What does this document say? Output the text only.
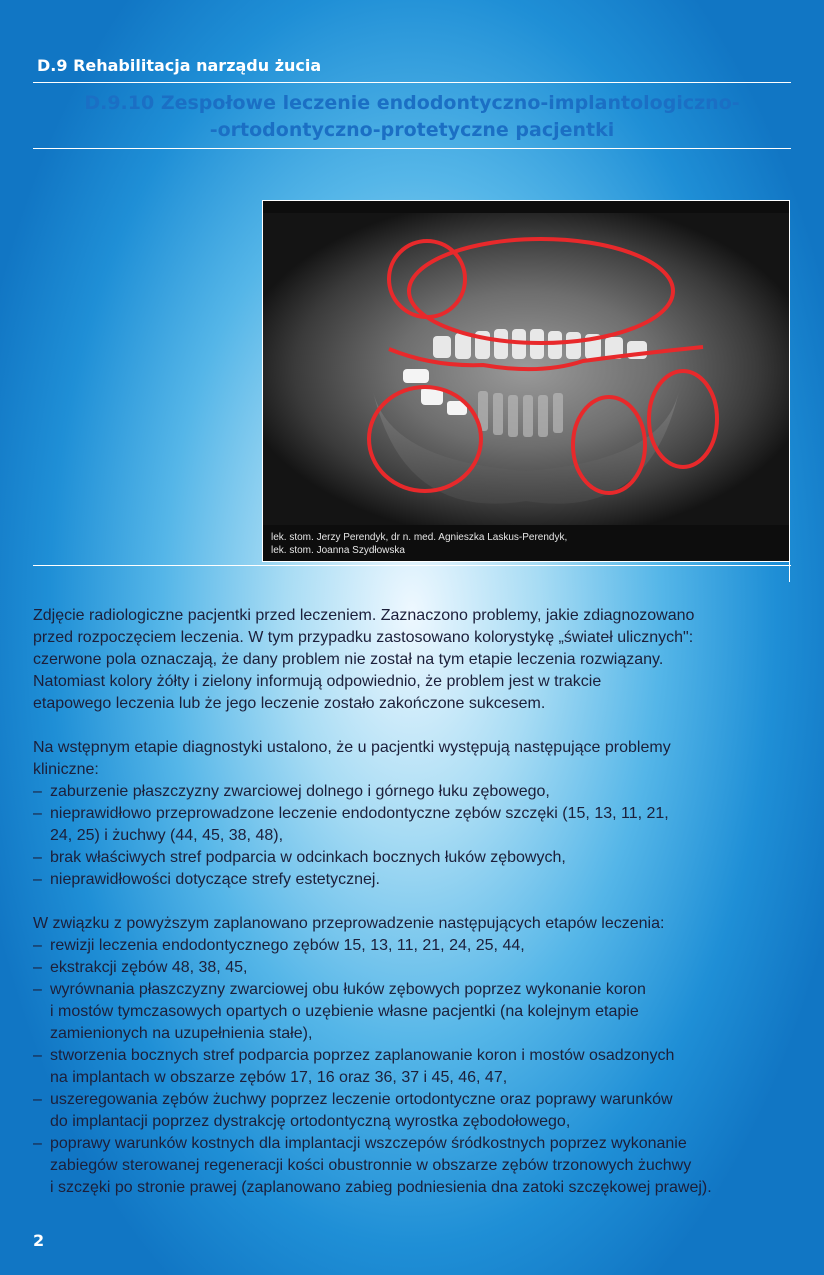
D.9 Rehabilitacja narządu żucia
D.9.10 Zespołowe leczenie endodontyczno-implantologiczno-
-ortodontyczno-protetyczne pacjentki
lek. stom. Jerzy Perendyk, dr n. med. Agnieszka Laskus-Perendyk,
lek. stom. Joanna Szydłowska

Zdjęcie radiologiczne pacjentki przed leczeniem. Zaznaczono problemy, jakie zdiagnozowano

przed rozpoczęciem leczenia. W tym przypadku zastosowano kolorystykę „świateł ulicznych":

czerwone pola oznaczają, że dany problem nie został na tym etapie leczenia rozwiązany.

Natomiast kolory żółty i zielony informują odpowiednio, że problem jest w trakcie

etapowego leczenia lub że jego leczenie zostało zakończone sukcesem.

Na wstępnym etapie diagnostyki ustalono, że u pacjentki występują następujące problemy

kliniczne:

– zaburzenie płaszczyzny zwarciowej dolnego i górnego łuku zębowego,
– nieprawidłowo przeprowadzone leczenie endodontyczne zębów szczęki (15, 13, 11, 21,
24, 25) i żuchwy (44, 45, 38, 48),
– brak właściwych stref podparcia w odcinkach bocznych łuków zębowych,
– nieprawidłowości dotyczące strefy estetycznej.

W związku z powyższym zaplanowano przeprowadzenie następujących etapów leczenia:

– rewizji leczenia endodontycznego zębów 15, 13, 11, 21, 24, 25, 44,
– ekstrakcji zębów 48, 38, 45,
– wyrównania płaszczyzny zwarciowej obu łuków zębowych poprzez wykonanie koron
i mostów tymczasowych opartych o uzębienie własne pacjentki (na kolejnym etapie
zamienionych na uzupełnienia stałe),
– stworzenia bocznych stref podparcia poprzez zaplanowanie koron i mostów osadzonych
na implantach w obszarze zębów 17, 16 oraz 36, 37 i 45, 46, 47,
– uszeregowania zębów żuchwy poprzez leczenie ortodontyczne oraz poprawy warunków
do implantacji poprzez dystrakcję ortodontyczną wyrostka zębodołowego,
– poprawy warunków kostnych dla implantacji wszczepów śródkostnych poprzez wykonanie
zabiegów sterowanej regeneracji kości obustronnie w obszarze zębów trzonowych żuchwy
i szczęki po stronie prawej (zaplanowano zabieg podniesienia dna zatoki szczękowej prawej).
2
